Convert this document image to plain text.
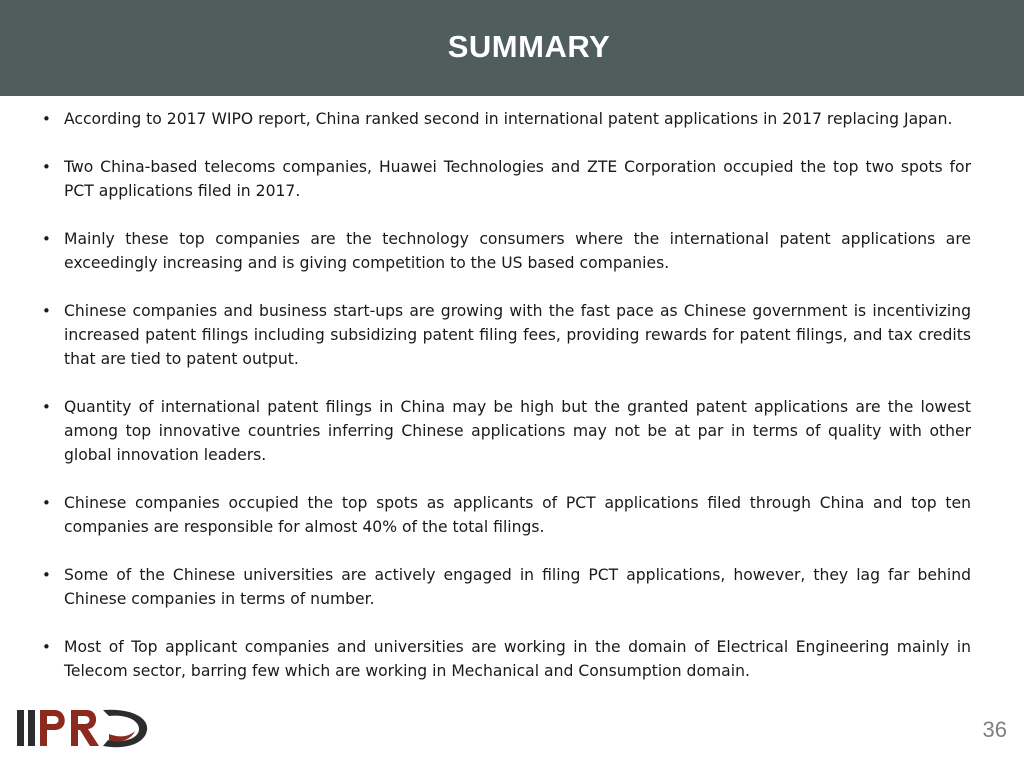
SUMMARY
• According to 2017 WIPO report, China ranked second in international patent applications in 2017 replacing Japan.
• Two China-based telecoms companies, Huawei Technologies and ZTE Corporation occupied the top two spots for PCT applications filed in 2017.
• Mainly these top companies are the technology consumers where the international patent applications are exceedingly increasing and is giving competition to the US based companies.
• Chinese companies and business start-ups are growing with the fast pace as Chinese government is incentivizing increased patent filings including subsidizing patent filing fees, providing rewards for patent filings, and tax credits that are tied to patent output.
• Quantity of international patent filings in China may be high but the granted patent applications are the lowest among top innovative countries inferring Chinese applications may not be at par in terms of quality with other global innovation leaders.
• Chinese companies occupied the top spots as applicants of PCT applications filed through China and top ten companies are responsible for almost 40% of the total filings.
• Some of the Chinese universities are actively engaged in filing PCT applications, however, they lag far behind Chinese companies in terms of number.
• Most of Top applicant companies and universities are working in the domain of Electrical Engineering mainly in Telecom sector, barring few which are working in Mechanical and Consumption domain.
36
